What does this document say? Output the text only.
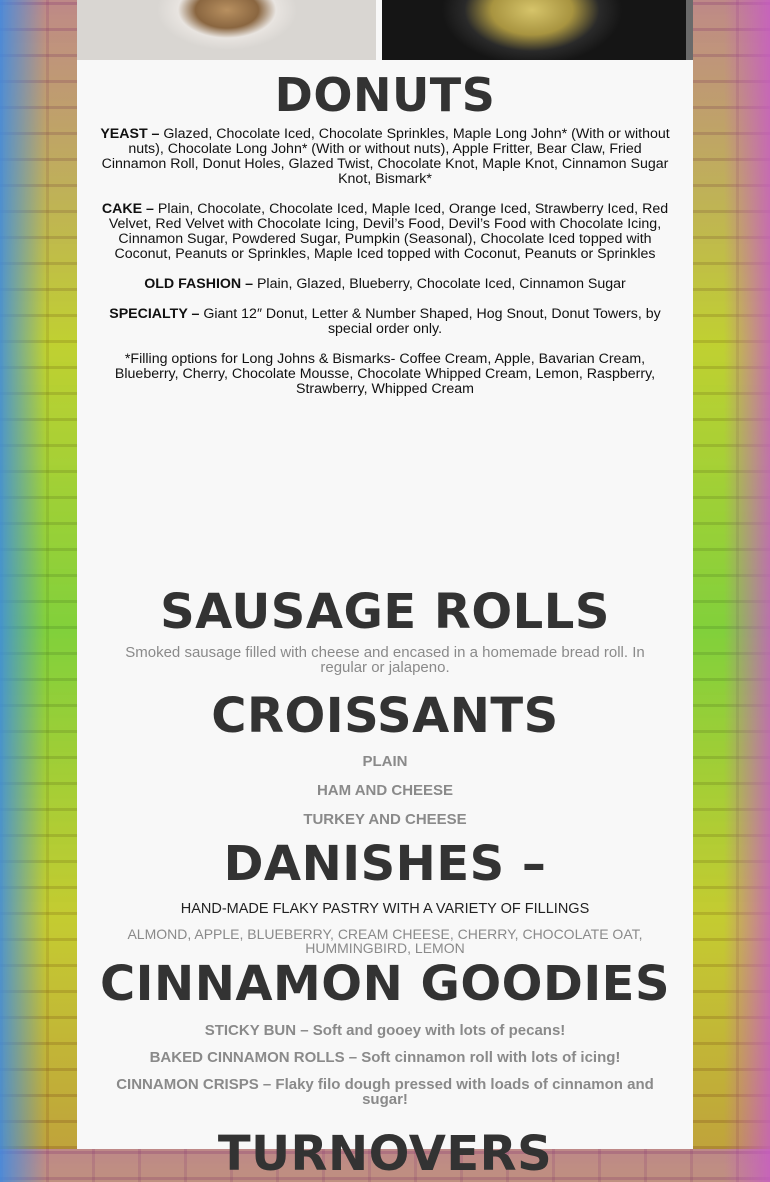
DONUTS

YEAST – Glazed, Chocolate Iced, Chocolate Sprinkles, Maple Long John* (With or without nuts), Chocolate Long John* (With or without nuts), Apple Fritter, Bear Claw, Fried Cinnamon Roll, Donut Holes, Glazed Twist, Chocolate Knot, Maple Knot, Cinnamon Sugar Knot, Bismark*

CAKE – Plain, Chocolate, Chocolate Iced, Maple Iced, Orange Iced, Strawberry Iced, Red Velvet, Red Velvet with Chocolate Icing, Devil’s Food, Devil’s Food with Chocolate Icing, Cinnamon Sugar, Powdered Sugar, Pumpkin (Seasonal), Chocolate Iced topped with Coconut, Peanuts or Sprinkles, Maple Iced topped with Coconut, Peanuts or Sprinkles

OLD FASHION – Plain, Glazed, Blueberry, Chocolate Iced, Cinnamon Sugar

SPECIALTY – Giant 12″ Donut, Letter & Number Shaped, Hog Snout, Donut Towers, by special order only.

*Filling options for Long Johns & Bismarks- Coffee Cream, Apple, Bavarian Cream, Blueberry, Cherry, Chocolate Mousse, Chocolate Whipped Cream, Lemon, Raspberry, Strawberry, Whipped Cream

SAUSAGE ROLLS

Smoked sausage filled with cheese and encased in a homemade bread roll. In regular or jalapeno.

CROISSANTS

PLAIN

HAM AND CHEESE

TURKEY AND CHEESE

DANISHES –

HAND-MADE FLAKY PASTRY WITH A VARIETY OF FILLINGS

ALMOND, APPLE, BLUEBERRY, CREAM CHEESE, CHERRY, CHOCOLATE OAT, HUMMINGBIRD, LEMON

CINNAMON GOODIES

STICKY BUN – Soft and gooey with lots of pecans!

BAKED CINNAMON ROLLS – Soft cinnamon roll with lots of icing!

CINNAMON CRISPS – Flaky filo dough pressed with loads of cinnamon and sugar!

TURNOVERS
